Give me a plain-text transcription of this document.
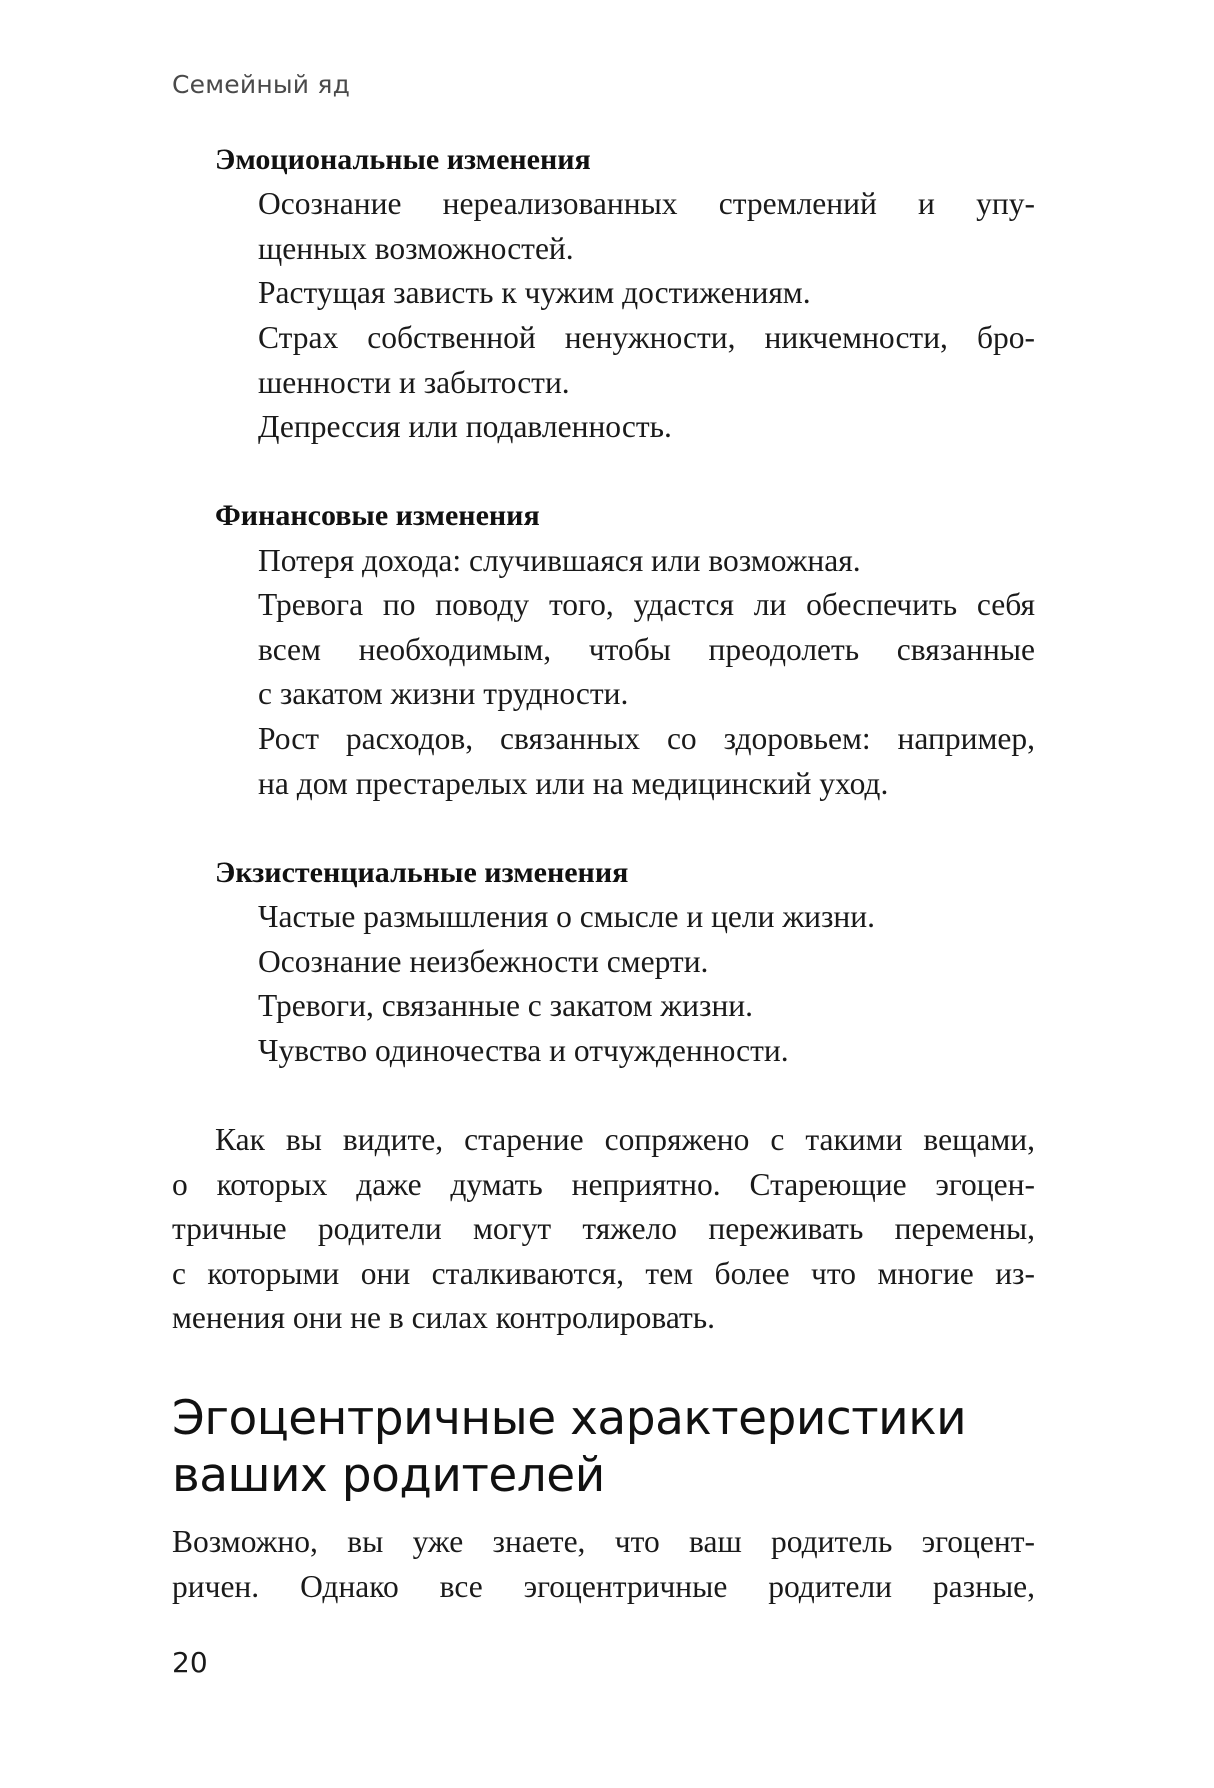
Семейный яд
Эмоциональные изменения
Осознание нереализованных стремлений и упу-
щенных возможностей.
Растущая зависть к чужим достижениям.
Страх собственной ненужности, никчемности, бро-
шенности и забытости.
Депрессия или подавленность.
Финансовые изменения
Потеря дохода: случившаяся или возможная.
Тревога по поводу того, удастся ли обеспечить себя
всем необходимым, чтобы преодолеть связанные
с закатом жизни трудности.
Рост расходов, связанных со здоровьем: например,
на дом престарелых или на медицинский уход.
Экзистенциальные изменения
Частые размышления о смысле и цели жизни.
Осознание неизбежности смерти.
Тревоги, связанные с закатом жизни.
Чувство одиночества и отчужденности.
Как вы видите, старение сопряжено с такими вещами,
о которых даже думать неприятно. Стареющие эгоцен-
тричные родители могут тяжело переживать перемены,
с которыми они сталкиваются, тем более что многие из-
менения они не в силах контролировать.
Эгоцентричные характеристики
ваших родителей
Возможно, вы уже знаете, что ваш родитель эгоцент-
ричен. Однако все эгоцентричные родители разные,
20
